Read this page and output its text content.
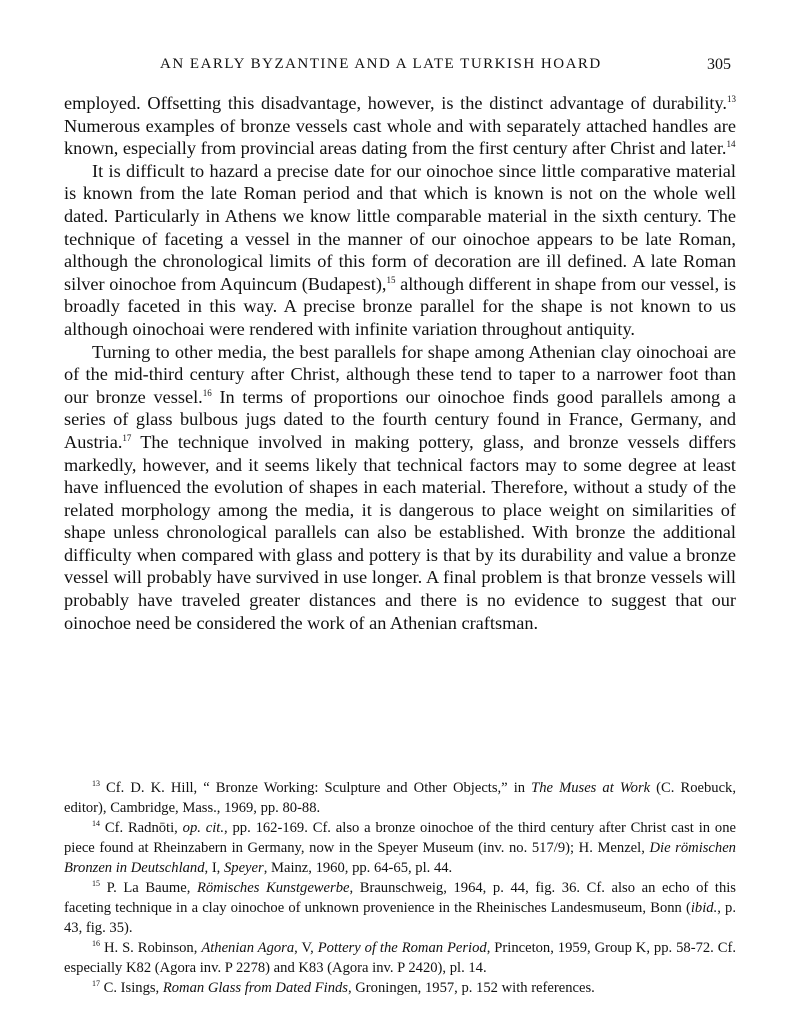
AN EARLY BYZANTINE AND A LATE TURKISH HOARD	305

employed. Offsetting this disadvantage, however, is the distinct advantage of durability.$^{13}$ Numerous examples of bronze vessels cast whole and with separately attached handles are known, especially from provincial areas dating from the first century after Christ and later.$^{14}$

It is difficult to hazard a precise date for our oinochoe since little comparative material is known from the late Roman period and that which is known is not on the whole well dated. Particularly in Athens we know little comparable material in the sixth century. The technique of faceting a vessel in the manner of our oinochoe appears to be late Roman, although the chronological limits of this form of decoration are ill defined. A late Roman silver oinochoe from Aquincum (Budapest),$^{15}$ although different in shape from our vessel, is broadly faceted in this way. A precise bronze parallel for the shape is not known to us although oinochoai were rendered with infinite variation throughout antiquity.

Turning to other media, the best parallels for shape among Athenian clay oinochoai are of the mid-third century after Christ, although these tend to taper to a narrower foot than our bronze vessel.$^{16}$ In terms of proportions our oinochoe finds good parallels among a series of glass bulbous jugs dated to the fourth century found in France, Germany, and Austria.$^{17}$ The technique involved in making pottery, glass, and bronze vessels differs markedly, however, and it seems likely that technical factors may to some degree at least have influenced the evolution of shapes in each material. Therefore, without a study of the related morphology among the media, it is dangerous to place weight on similarities of shape unless chronological parallels can also be established. With bronze the additional difficulty when compared with glass and pottery is that by its durability and value a bronze vessel will probably have survived in use longer. A final problem is that bronze vessels will probably have traveled greater distances and there is no evidence to suggest that our oinochoe need be considered the work of an Athenian craftsman.

$^{13}$ Cf. D. K. Hill, “ Bronze Working: Sculpture and Other Objects,” in The Muses at Work (C. Roebuck, editor), Cambridge, Mass., 1969, pp. 80-88.

$^{14}$ Cf. Radnōti, op. cit., pp. 162-169. Cf. also a bronze oinochoe of the third century after Christ cast in one piece found at Rheinzabern in Germany, now in the Speyer Museum (inv. no. 517/9); H. Menzel, Die römischen Bronzen in Deutschland, I, Speyer, Mainz, 1960, pp. 64-65, pl. 44.

$^{15}$ P. La Baume, Römisches Kunstgewerbe, Braunschweig, 1964, p. 44, fig. 36. Cf. also an echo of this faceting technique in a clay oinochoe of unknown provenience in the Rheinisches Landesmuseum, Bonn (ibid., p. 43, fig. 35).

$^{16}$ H. S. Robinson, Athenian Agora, V, Pottery of the Roman Period, Princeton, 1959, Group K, pp. 58-72. Cf. especially K82 (Agora inv. P 2278) and K83 (Agora inv. P 2420), pl. 14.

$^{17}$ C. Isings, Roman Glass from Dated Finds, Groningen, 1957, p. 152 with references.
